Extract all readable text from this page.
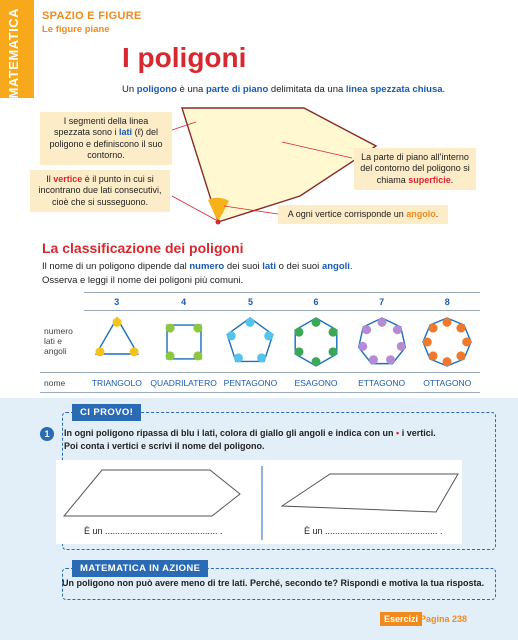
MATEMATICA SPAZIO E FIGURE
Le figure piane
I poligoni
Un poligono è una parte di piano delimitata da una linea spezzata chiusa.
I segmenti della linea spezzata sono i lati (ℓ) del poligono e definiscono il suo contorno.
Il vertice è il punto in cui si incontrano due lati consecutivi, cioè che si susseguono.
La parte di piano all'interno del contorno del poligono si chiama superficie.
A ogni vertice corrisponde un angolo.
La classificazione dei poligoni
Il nome di un poligono dipende dal numero dei suoi lati o dei suoi angoli.
Osserva e leggi il nome dei poligoni più comuni.
	3	4	5	6	7	8
numero lati e angoli						
nome	TRIANGOLO	QUADRILATERO	PENTAGONO	ESAGONO	ETTAGONO	OTTAGONO
CI PROVO!
1	In ogni poligono ripassa di blu i lati, colora di giallo gli angoli e indica con un • i vertici.
Poi conta i vertici e scrivi il nome del poligono.
È un ............................................. .	È un ............................................. .
MATEMATICA IN AZIONE
Un poligono non può avere meno di tre lati. Perché, secondo te? Rispondi e motiva la tua risposta.
Esercizi Pagina 238
